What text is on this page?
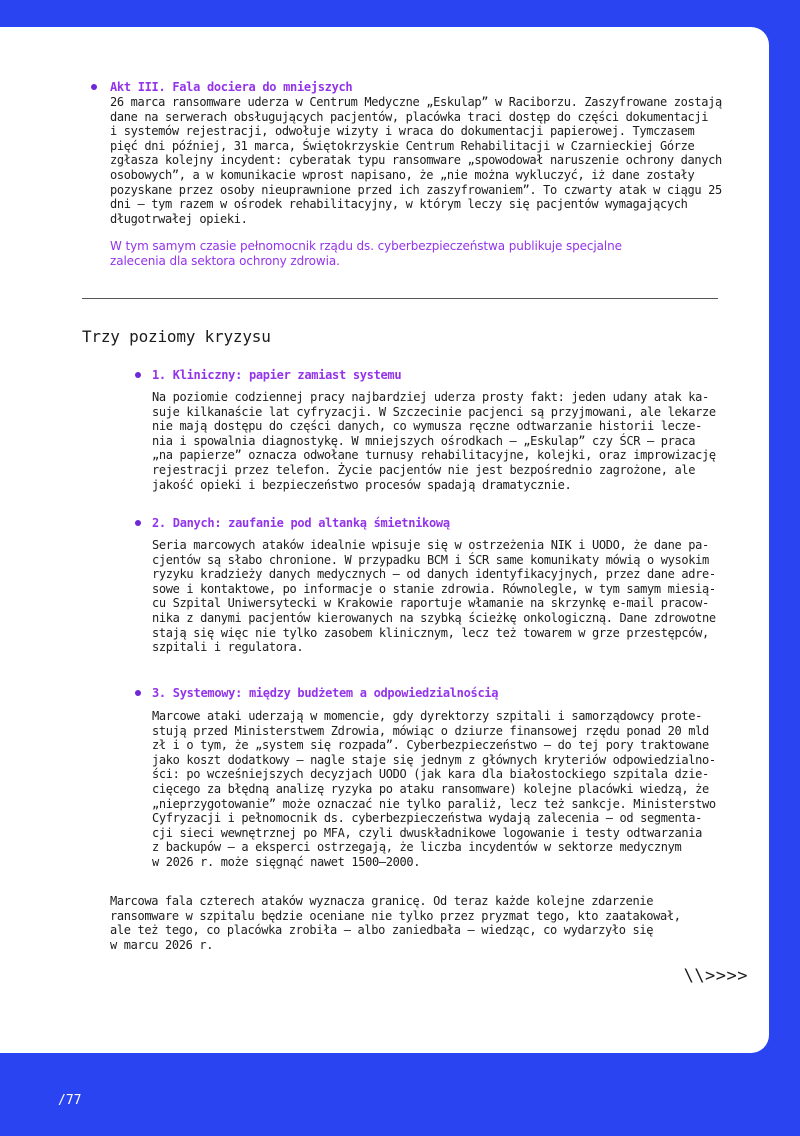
Akt III. Fala dociera do mniejszych

26 marca ransomware uderza w Centrum Medyczne „Eskulap” w Raciborzu. Zaszyfrowane zostają
dane na serwerach obsługujących pacjentów, placówka traci dostęp do części dokumentacji
i systemów rejestracji, odwołuje wizyty i wraca do dokumentacji papierowej. Tymczasem
pięć dni później, 31 marca, Świętokrzyskie Centrum Rehabilitacji w Czarnieckiej Górze
zgłasza kolejny incydent: cyberatak typu ransomware „spowodował naruszenie ochrony danych
osobowych”, a w komunikacie wprost napisano, że „nie można wykluczyć, iż dane zostały
pozyskane przez osoby nieuprawnione przed ich zaszyfrowaniem”. To czwarty atak w ciągu 25
dni — tym razem w ośrodek rehabilitacyjny, w którym leczy się pacjentów wymagających
długotrwałej opieki.

W tym samym czasie pełnomocnik rządu ds. cyberbezpieczeństwa publikuje specjalne
zalecenia dla sektora ochrony zdrowia.

Trzy poziomy kryzysu

1. Kliniczny: papier zamiast systemu

Na poziomie codziennej pracy najbardziej uderza prosty fakt: jeden udany atak ka-
suje kilkanaście lat cyfryzacji. W Szczecinie pacjenci są przyjmowani, ale lekarze
nie mają dostępu do części danych, co wymusza ręczne odtwarzanie historii lecze-
nia i spowalnia diagnostykę. W mniejszych ośrodkach — „Eskulap” czy ŚCR — praca
„na papierze” oznacza odwołane turnusy rehabilitacyjne, kolejki, oraz improwizację
rejestracji przez telefon. Życie pacjentów nie jest bezpośrednio zagrożone, ale
jakość opieki i bezpieczeństwo procesów spadają dramatycznie.

2. Danych: zaufanie pod altanką śmietnikową

Seria marcowych ataków idealnie wpisuje się w ostrzeżenia NIK i UODO, że dane pa-
cjentów są słabo chronione. W przypadku BCM i ŚCR same komunikaty mówią o wysokim
ryzyku kradzieży danych medycznych — od danych identyfikacyjnych, przez dane adre-
sowe i kontaktowe, po informacje o stanie zdrowia. Równolegle, w tym samym miesią-
cu Szpital Uniwersytecki w Krakowie raportuje włamanie na skrzynkę e-mail pracow-
nika z danymi pacjentów kierowanych na szybką ścieżkę onkologiczną. Dane zdrowotne
stają się więc nie tylko zasobem klinicznym, lecz też towarem w grze przestępców,
szpitali i regulatora.

3. Systemowy: między budżetem a odpowiedzialnością

Marcowe ataki uderzają w momencie, gdy dyrektorzy szpitali i samorządowcy prote-
stują przed Ministerstwem Zdrowia, mówiąc o dziurze finansowej rzędu ponad 20 mld
zł i o tym, że „system się rozpada”. Cyberbezpieczeństwo — do tej pory traktowane
jako koszt dodatkowy — nagle staje się jednym z głównych kryteriów odpowiedzialno-
ści: po wcześniejszych decyzjach UODO (jak kara dla białostockiego szpitala dzie-
cięcego za błędną analizę ryzyka po ataku ransomware) kolejne placówki wiedzą, że
„nieprzygotowanie” może oznaczać nie tylko paraliż, lecz też sankcje. Ministerstwo
Cyfryzacji i pełnomocnik ds. cyberbezpieczeństwa wydają zalecenia — od segmenta-
cji sieci wewnętrznej po MFA, czyli dwuskładnikowe logowanie i testy odtwarzania
z backupów — a eksperci ostrzegają, że liczba incydentów w sektorze medycznym
w 2026 r. może sięgnąć nawet 1500–2000.

Marcowa fala czterech ataków wyznacza granicę. Od teraz każde kolejne zdarzenie
ransomware w szpitalu będzie oceniane nie tylko przez pryzmat tego, kto zaatakował,
ale też tego, co placówka zrobiła — albo zaniedbała — wiedząc, co wydarzyło się
w marcu 2026 r.

\\>>>>
/77
